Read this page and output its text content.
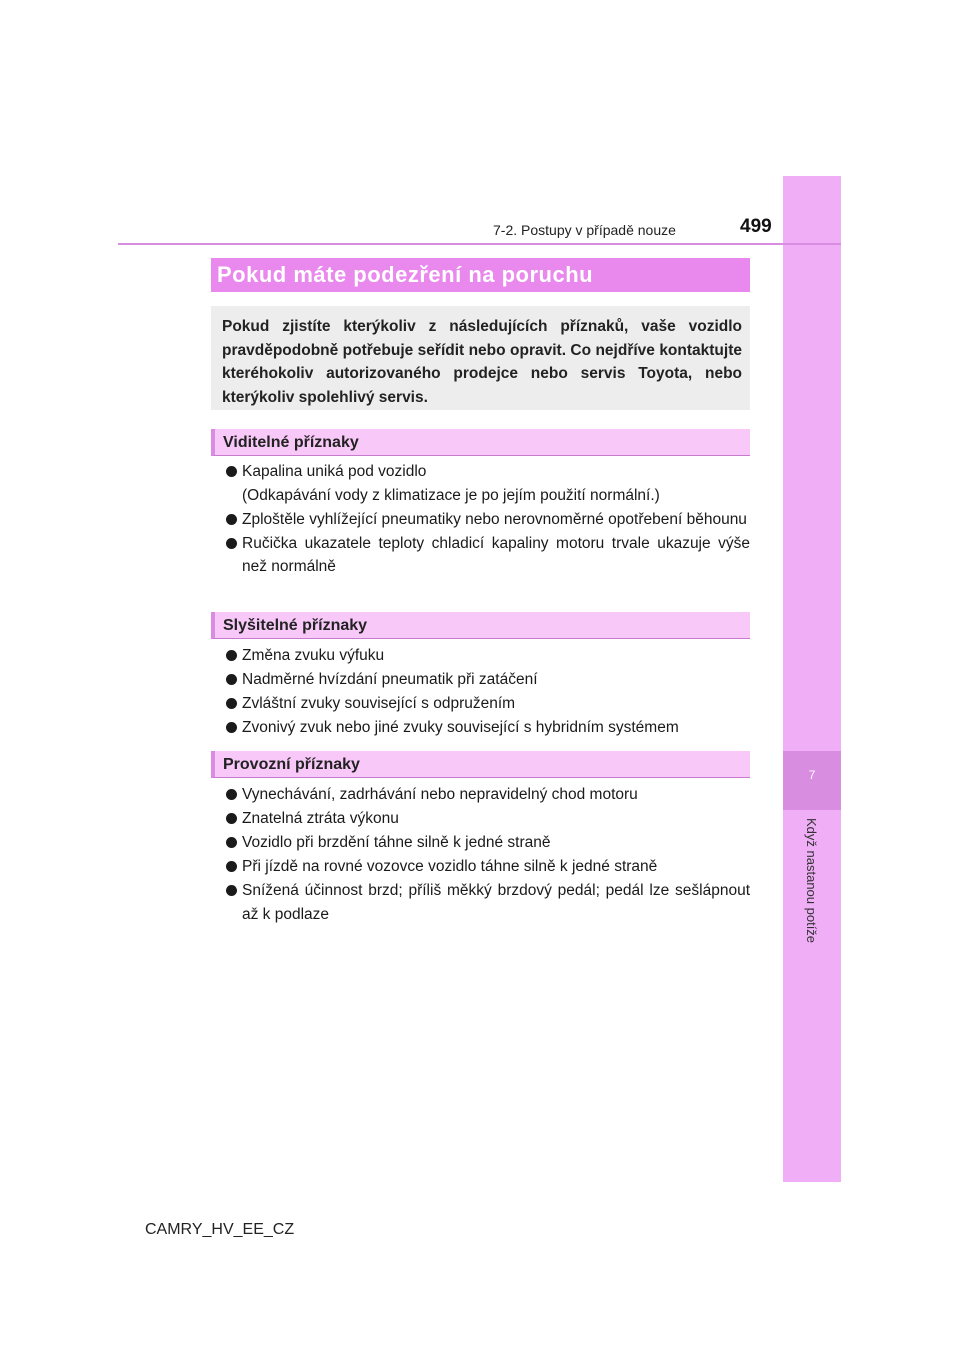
7
Když nastanou potíže
7-2. Postupy v případě nouze	499
Pokud máte podezření na poruchu
Pokud zjistíte kterýkoliv z následujících příznaků, vaše vozidlo pravděpodobně potřebuje seřídit nebo opravit. Co nejdříve kontaktujte kteréhokoliv autorizovaného prodejce nebo servis Toyota, nebo kterýkoliv spolehlivý servis.
Viditelné příznaky
Kapalina uniká pod vozidlo
(Odkapávání vody z klimatizace je po jejím použití normální.)
Zploštěle vyhlížející pneumatiky nebo nerovnoměrné opotřebení běhounu
Ručička ukazatele teploty chladicí kapaliny motoru trvale ukazuje výše než normálně
Slyšitelné příznaky
Změna zvuku výfuku
Nadměrné hvízdání pneumatik při zatáčení
Zvláštní zvuky související s odpružením
Zvonivý zvuk nebo jiné zvuky související s hybridním systémem
Provozní příznaky
Vynechávání, zadrhávání nebo nepravidelný chod motoru
Znatelná ztráta výkonu
Vozidlo při brzdění táhne silně k jedné straně
Při jízdě na rovné vozovce vozidlo táhne silně k jedné straně
Snížená účinnost brzd; příliš měkký brzdový pedál; pedál lze sešlápnout až k podlaze
CAMRY_HV_EE_CZ
